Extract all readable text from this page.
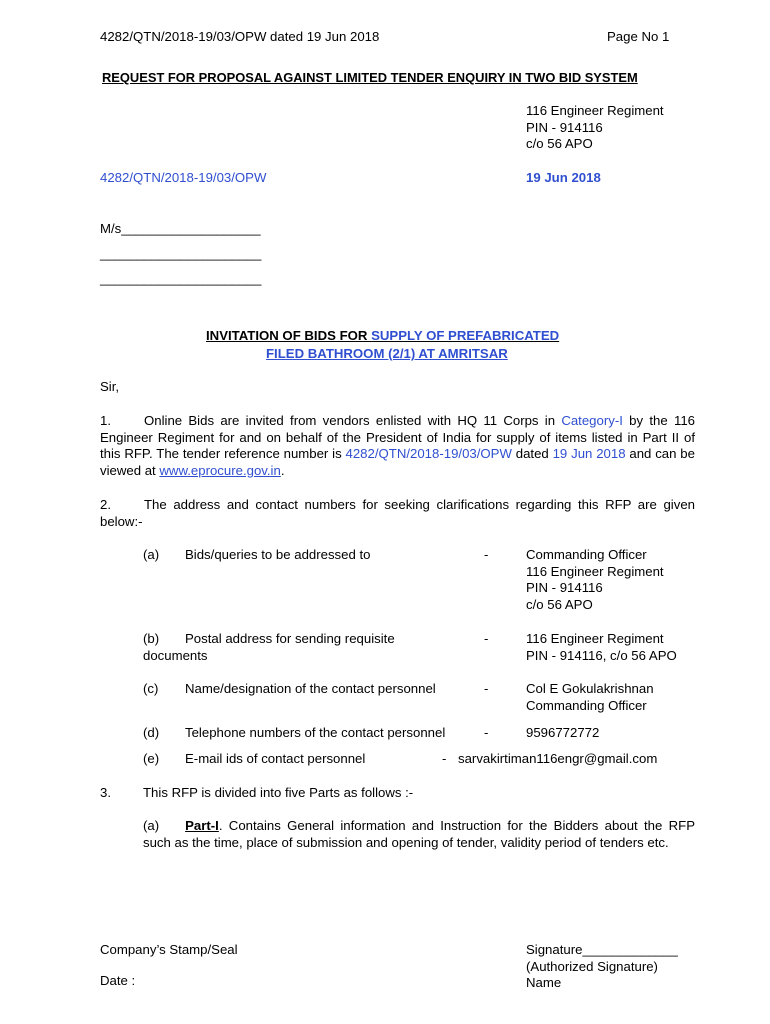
4282/QTN/2018-19/03/OPW dated 19 Jun 2018	Page No 1
REQUEST FOR PROPOSAL AGAINST LIMITED TENDER ENQUIRY IN TWO BID SYSTEM
116 Engineer Regiment
PIN - 914116
c/o 56 APO
4282/QTN/2018-19/03/OPW	19 Jun 2018
M/s___________________
______________________
______________________
INVITATION OF BIDS FOR SUPPLY OF PREFABRICATED
FILED BATHROOM (2/1) AT AMRITSAR
Sir,
1.	Online Bids are invited from vendors enlisted with HQ 11 Corps in Category-I by the 116 Engineer Regiment for and on behalf of the President of India for supply of items listed in Part II of this RFP. The tender reference number is 4282/QTN/2018-19/03/OPW dated 19 Jun 2018 and can be viewed at www.eprocure.gov.in.
2.	The address and contact numbers for seeking clarifications regarding this RFP are given below:-
(a) Bids/queries to be addressed to	-	Commanding Officer
116 Engineer Regiment
PIN - 914116
c/o 56 APO
(b) Postal address for sending requisite
documents
-	116 Engineer Regiment
PIN - 914116, c/o 56 APO
(c) Name/designation of the contact personnel	-	Col E Gokulakrishnan
Commanding Officer
(d) Telephone numbers of the contact personnel	-	9596772772
(e) E-mail ids of contact personnel	- sarvakirtiman116engr@gmail.com
3. This RFP is divided into five Parts as follows :-
(a) Part-I. Contains General information and Instruction for the Bidders about the RFP such as the time, place of submission and opening of tender, validity period of tenders etc.
Company’s Stamp/Seal
Date :
Signature_____________
(Authorized Signature)
Name
